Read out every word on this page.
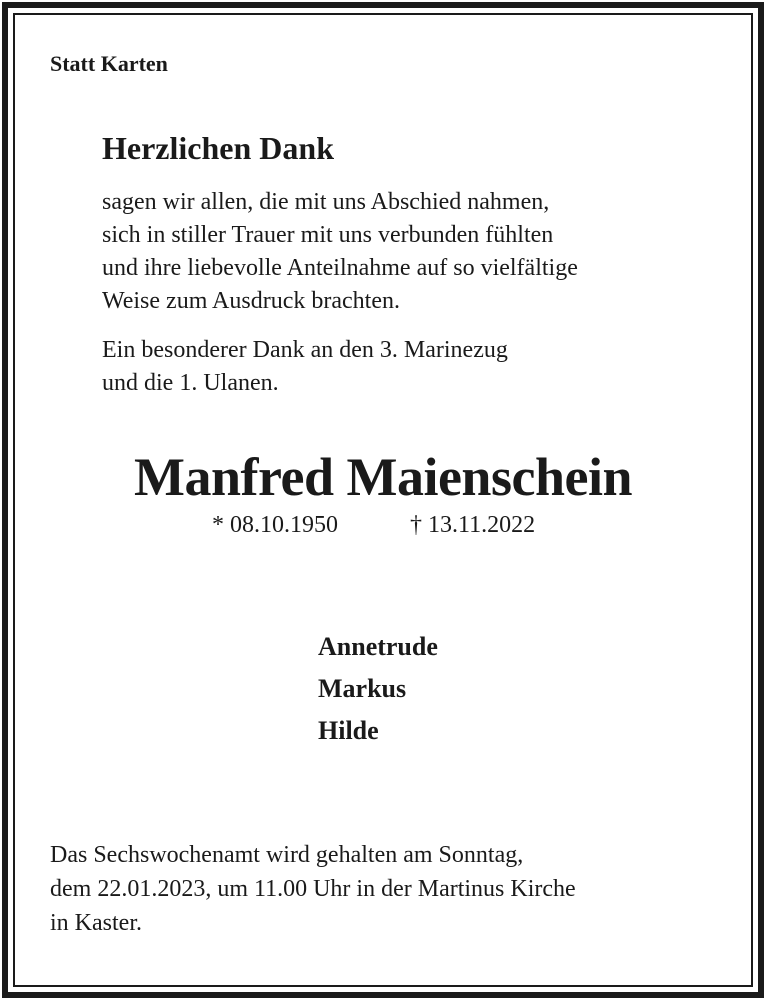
Statt Karten
Herzlichen Dank
sagen wir allen, die mit uns Abschied nahmen,
sich in stiller Trauer mit uns verbunden fühlten
und ihre liebevolle Anteilnahme auf so vielfältige
Weise zum Ausdruck brachten.
Ein besonderer Dank an den 3. Marinezug
und die 1. Ulanen.
Manfred Maienschein
* 08.10.1950	† 13.11.2022
Annetrude
Markus
Hilde
Das Sechswochenamt wird gehalten am Sonntag,
dem 22.01.2023, um 11.00 Uhr in der Martinus Kirche
in Kaster.
